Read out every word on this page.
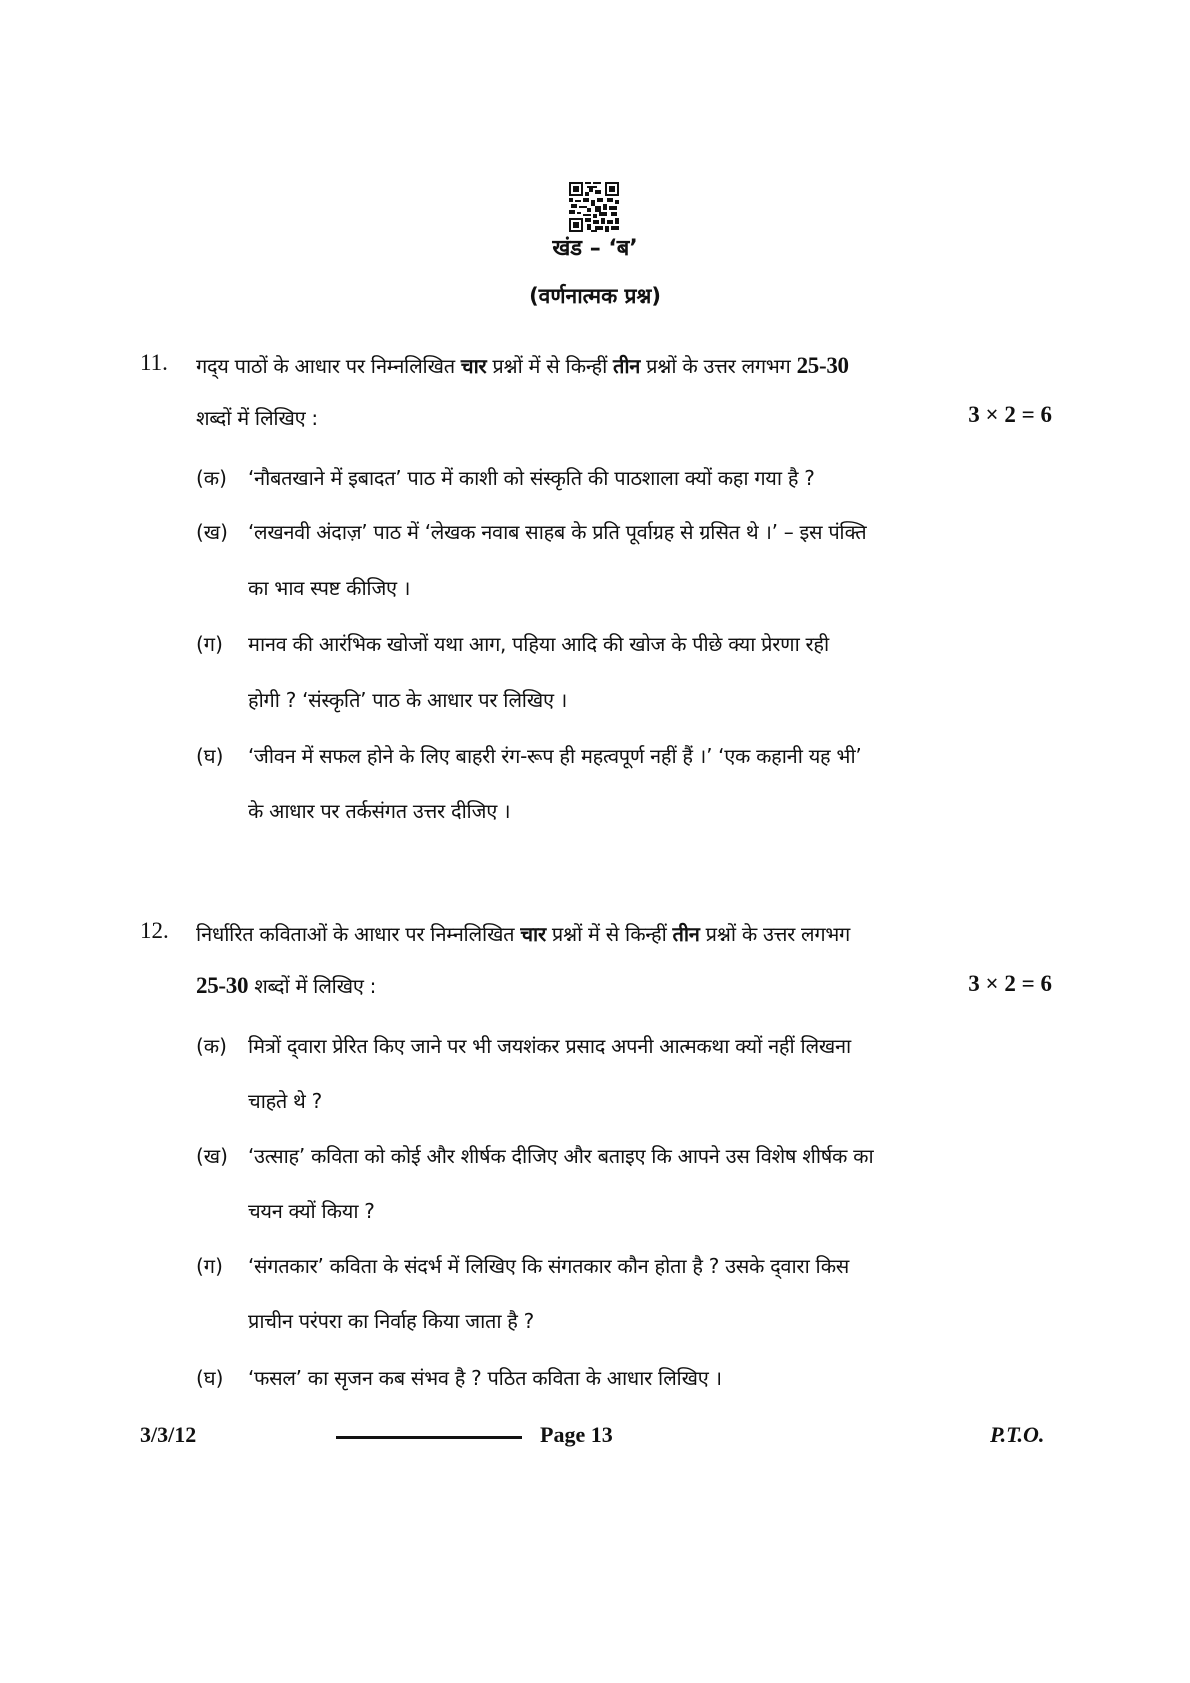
खंड – ‘ब’
(वर्णनात्मक प्रश्न)
11. गद्‌य पाठों के आधार पर निम्नलिखित चार प्रश्नों में से किन्हीं तीन प्रश्नों के उत्तर लगभग 25-30
शब्दों में लिखिए :	3 × 2 = 6
(क) ‘नौबतखाने में इबादत’ पाठ में काशी को संस्कृति की पाठशाला क्यों कहा गया है ?
(ख) ‘लखनवी अंदाज़’ पाठ में ‘लेखक नवाब साहब के प्रति पूर्वाग्रह से ग्रसित थे ।’ – इस पंक्ति
का भाव स्पष्ट कीजिए ।
(ग) मानव की आरंभिक खोजों यथा आग, पहिया आदि की खोज के पीछे क्या प्रेरणा रही
होगी ? ‘संस्कृति’ पाठ के आधार पर लिखिए ।
(घ) ‘जीवन में सफल होने के लिए बाहरी रंग-रूप ही महत्वपूर्ण नहीं हैं ।’ ‘एक कहानी यह भी’
के आधार पर तर्कसंगत उत्तर दीजिए ।
12. निर्धारित कविताओं के आधार पर निम्नलिखित चार प्रश्नों में से किन्हीं तीन प्रश्नों के उत्तर लगभग
25-30 शब्दों में लिखिए :	3 × 2 = 6
(क) मित्रों द्‌वारा प्रेरित किए जाने पर भी जयशंकर प्रसाद अपनी आत्मकथा क्यों नहीं लिखना
चाहते थे ?
(ख) ‘उत्साह’ कविता को कोई और शीर्षक दीजिए और बताइए कि आपने उस विशेष शीर्षक का
चयन क्यों किया ?
(ग) ‘संगतकार’ कविता के संदर्भ में लिखिए कि संगतकार कौन होता है ? उसके द्‌वारा किस
प्राचीन परंपरा का निर्वाह किया जाता है ?
(घ) ‘फसल’ का सृजन कब संभव है ? पठित कविता के आधार लिखिए ।
3/3/12	Page 13	P.T.O.
